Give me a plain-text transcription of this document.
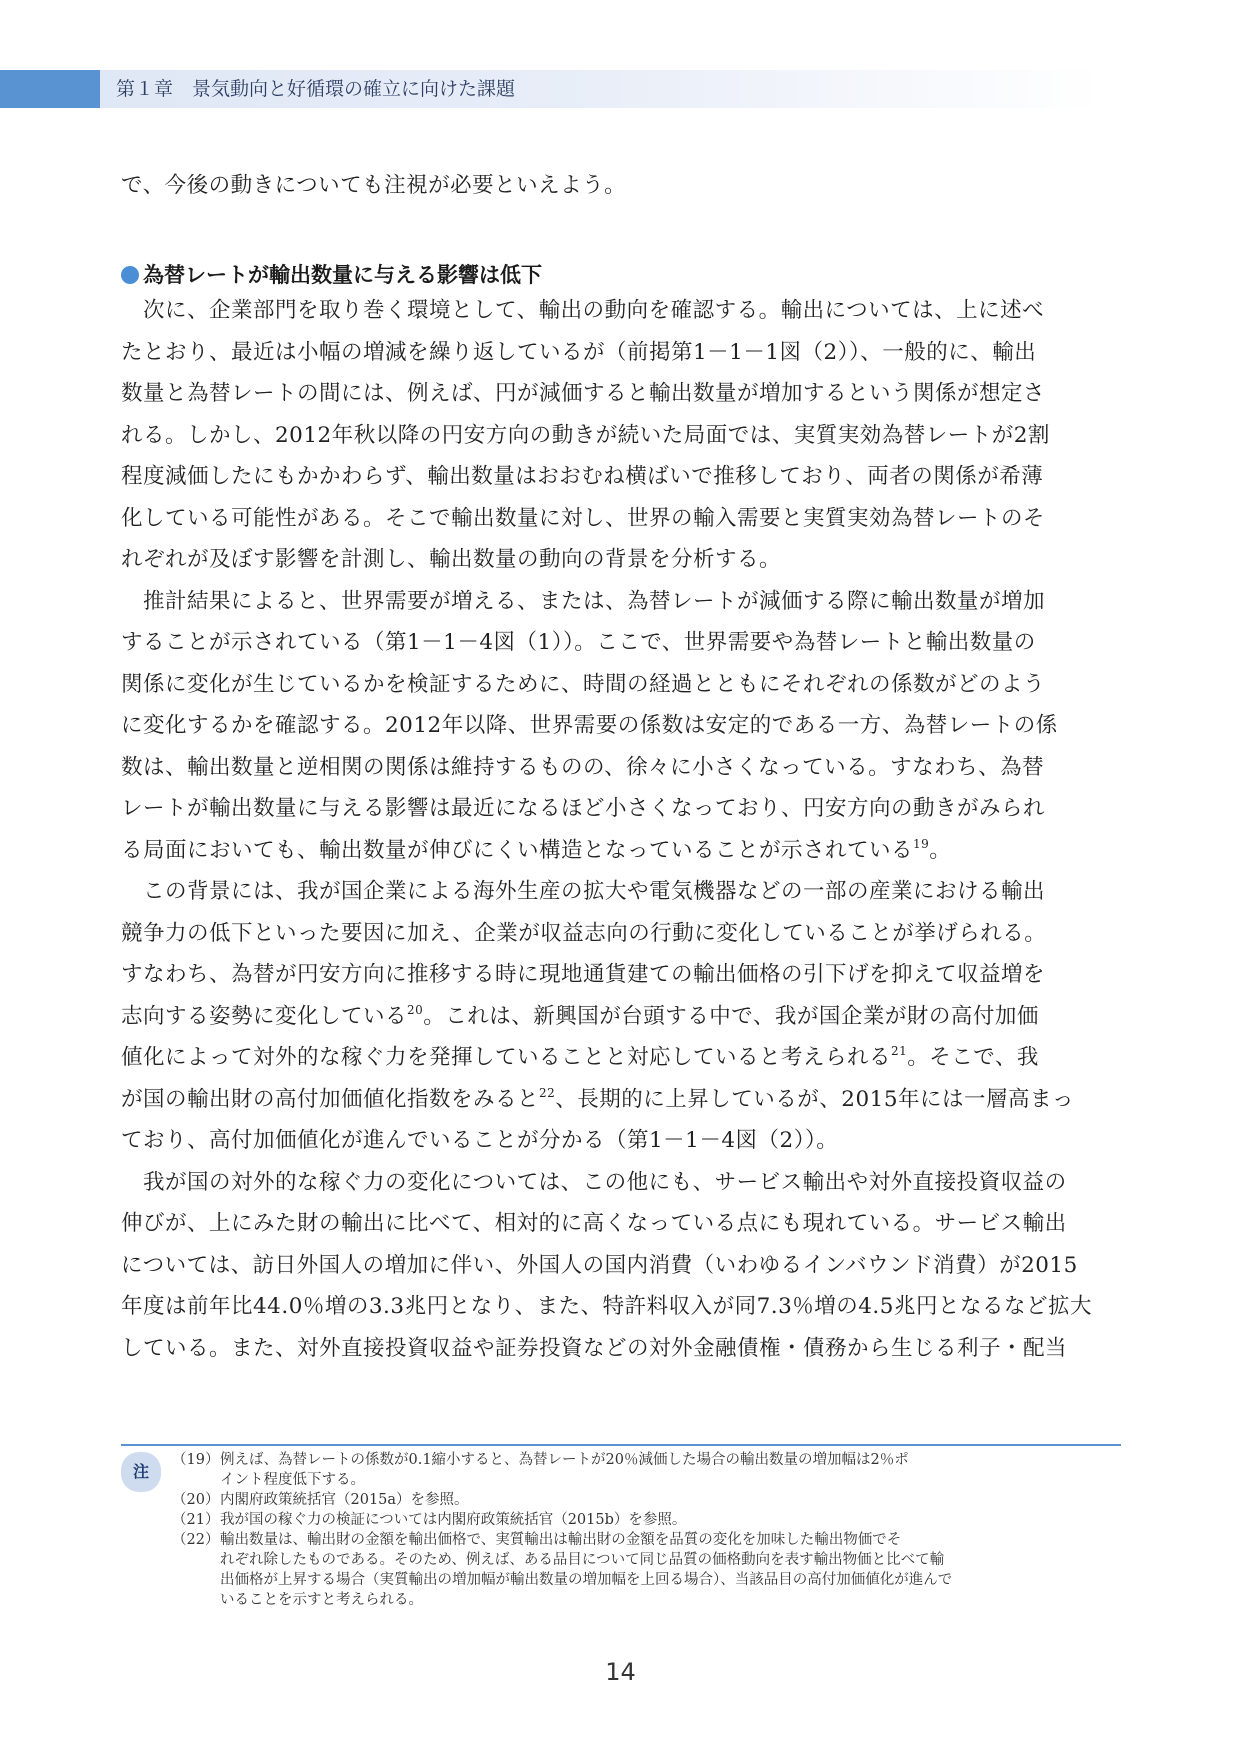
第１章　景気動向と好循環の確立に向けた課題

で、今後の動きについても注視が必要といえよう。

為替レートが輸出数量に与える影響は低下

　次に、企業部門を取り巻く環境として、輸出の動向を確認する。輸出については、上に述べ

たとおり、最近は小幅の増減を繰り返しているが（前掲第1－1－1図（2））、一般的に、輸出

数量と為替レートの間には、例えば、円が減価すると輸出数量が増加するという関係が想定さ

れる。しかし、2012年秋以降の円安方向の動きが続いた局面では、実質実効為替レートが2割

程度減価したにもかかわらず、輸出数量はおおむね横ばいで推移しており、両者の関係が希薄

化している可能性がある。そこで輸出数量に対し、世界の輸入需要と実質実効為替レートのそ

れぞれが及ぼす影響を計測し、輸出数量の動向の背景を分析する。

　推計結果によると、世界需要が増える、または、為替レートが減価する際に輸出数量が増加

することが示されている（第1－1－4図（1））。ここで、世界需要や為替レートと輸出数量の

関係に変化が生じているかを検証するために、時間の経過とともにそれぞれの係数がどのよう

に変化するかを確認する。2012年以降、世界需要の係数は安定的である一方、為替レートの係

数は、輸出数量と逆相関の関係は維持するものの、徐々に小さくなっている。すなわち、為替

レートが輸出数量に与える影響は最近になるほど小さくなっており、円安方向の動きがみられ

る局面においても、輸出数量が伸びにくい構造となっていることが示されている$^{19}$。

　この背景には、我が国企業による海外生産の拡大や電気機器などの一部の産業における輸出

競争力の低下といった要因に加え、企業が収益志向の行動に変化していることが挙げられる。

すなわち、為替が円安方向に推移する時に現地通貨建ての輸出価格の引下げを抑えて収益増を

志向する姿勢に変化している$^{20}$。これは、新興国が台頭する中で、我が国企業が財の高付加価

値化によって対外的な稼ぐ力を発揮していることと対応していると考えられる$^{21}$。そこで、我

が国の輸出財の高付加価値化指数をみると$^{22}$、長期的に上昇しているが、2015年には一層高まっ

ており、高付加価値化が進んでいることが分かる（第1－1－4図（2））。

　我が国の対外的な稼ぐ力の変化については、この他にも、サービス輸出や対外直接投資収益の

伸びが、上にみた財の輸出に比べて、相対的に高くなっている点にも現れている。サービス輸出

については、訪日外国人の増加に伴い、外国人の国内消費（いわゆるインバウンド消費）が2015

年度は前年比44.0％増の3.3兆円となり、また、特許料収入が同7.3％増の4.5兆円となるなど拡大

している。また、対外直接投資収益や証券投資などの対外金融債権・債務から生じる利子・配当

注
（19） 例えば、為替レートの係数が0.1縮小すると、為替レートが20％減価した場合の輸出数量の増加幅は2％ポ
イント程度低下する。
（20） 内閣府政策統括官（2015a）を参照。
（21） 我が国の稼ぐ力の検証については内閣府政策統括官（2015b）を参照。
（22） 輸出数量は、輸出財の金額を輸出価格で、実質輸出は輸出財の金額を品質の変化を加味した輸出物価でそ
れぞれ除したものである。そのため、例えば、ある品目について同じ品質の価格動向を表す輸出物価と比べて輸
出価格が上昇する場合（実質輸出の増加幅が輸出数量の増加幅を上回る場合）、当該品目の高付加価値化が進んで
いることを示すと考えられる。
14
